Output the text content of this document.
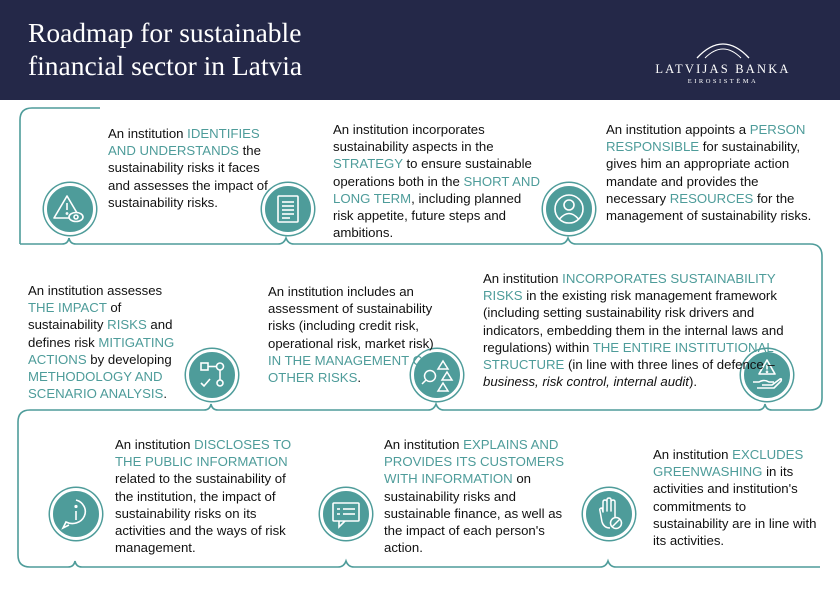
Roadmap for sustainable
financial sector in Latvia	LATVIJAS BANKA
EIROSISTĒMA
An institution IDENTIFIES AND UNDERSTANDS the sustainability risks it faces and assesses the impact of sustainability risks.
An institution incorporates sustainability aspects in the STRATEGY to ensure sustainable operations both in the SHORT AND LONG TERM, including planned risk appetite, future steps and ambitions.
An institution appoints a PERSON RESPONSIBLE for sustainability, gives him an appropriate action mandate and provides the necessary RESOURCES for the management of sustainability risks.
An institution assesses THE IMPACT of sustainability RISKS and defines risk MITIGATING ACTIONS by developing METHODOLOGY AND SCENARIO ANALYSIS.
An institution includes an assessment of sustainability risks (including credit risk, operational risk, market risk) IN THE MANAGEMENT OF OTHER RISKS.
An institution INCORPORATES SUSTAINABILITY RISKS in the existing risk management framework (including setting sustainability risk drivers and indicators, embedding them in the internal laws and regulations) within THE ENTIRE INSTITUTIONAL STRUCTURE (in line with three lines of defence – business, risk control, internal audit).
An institution DISCLOSES TO THE PUBLIC INFORMATION related to the sustainability of the institution, the impact of sustainability risks on its activities and the ways of risk management.
An institution EXPLAINS AND PROVIDES ITS CUSTOMERS WITH INFORMATION on sustainability risks and sustainable finance, as well as the impact of each person's action.
An institution EXCLUDES GREENWASHING in its activities and institution's commitments to sustainability are in line with its activities.
